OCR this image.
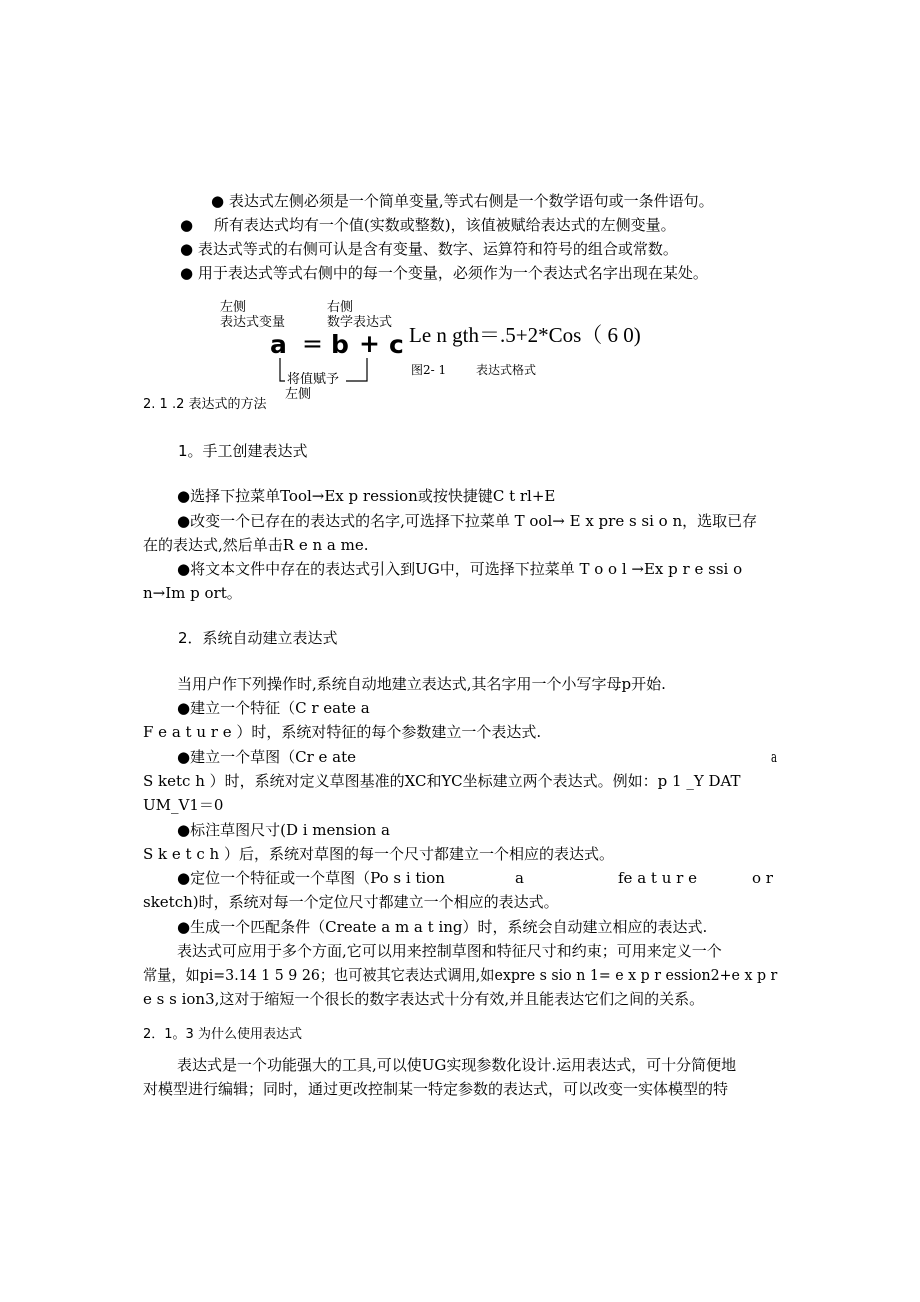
● 表达式左侧必须是一个简单变量,等式右侧是一个数学语句或一条件语句。
● 所有表达式均有一个值(实数或整数)，该值被赋给表达式的左侧变量。
● 表达式等式的右侧可认是含有变量、数字、运算符和符号的组合或常数。
● 用于表达式等式右侧中的每一个变量，必须作为一个表达式名字出现在某处。
左侧
表达式变量
右侧
数学表达式
a = b + c
将值赋予
左侧
Le n gth＝.5+2*Cos（ 6 0)
图2- 1 表达式格式
2. 1 .2 表达式的方法
1。手工创建表达式
●选择下拉菜单Tool→Ex p ression或按快捷键C t rl+E
●改变一个已存在的表达式的名字,可选择下拉菜单 T ool→ E x pre s si o n，选取已存
在的表达式,然后单击R e n a me.
●将文本文件中存在的表达式引入到UG中，可选择下拉菜单 T o o l →Ex p r e ssi o
n→Im p ort。
2．系统自动建立表达式
当用户作下列操作时,系统自动地建立表达式,其名字用一个小写字母p开始.
●建立一个特征（C r eate a
F e a t u r e ）时，系统对特征的每个参数建立一个表达式.
●建立一个草图（Cr e ate	a
S ketc h ）时，系统对定义草图基准的XC和YC坐标建立两个表达式。例如：p 1 _Y DAT
UM_V1＝0
●标注草图尺寸(D i mension a
S k e t c h ）后，系统对草图的每一个尺寸都建立一个相应的表达式。
●定位一个特征或一个草图（Po s i tion	a	fe a t u r e	o r
sketch)时，系统对每一个定位尺寸都建立一个相应的表达式。
●生成一个匹配条件（Create a m a t ing）时，系统会自动建立相应的表达式.
表达式可应用于多个方面,它可以用来控制草图和特征尺寸和约束；可用来定义一个
常量，如pi=3.14 1 5 9 26；也可被其它表达式调用,如expre s sio n 1= e x p r ession2+e x p r
e s s ion3,这对于缩短一个很长的数字表达式十分有效,并且能表达它们之间的关系。
2．1。3 为什么使用表达式
表达式是一个功能强大的工具,可以使UG实现参数化设计.运用表达式，可十分简便地
对模型进行编辑；同时，通过更改控制某一特定参数的表达式，可以改变一实体模型的特
